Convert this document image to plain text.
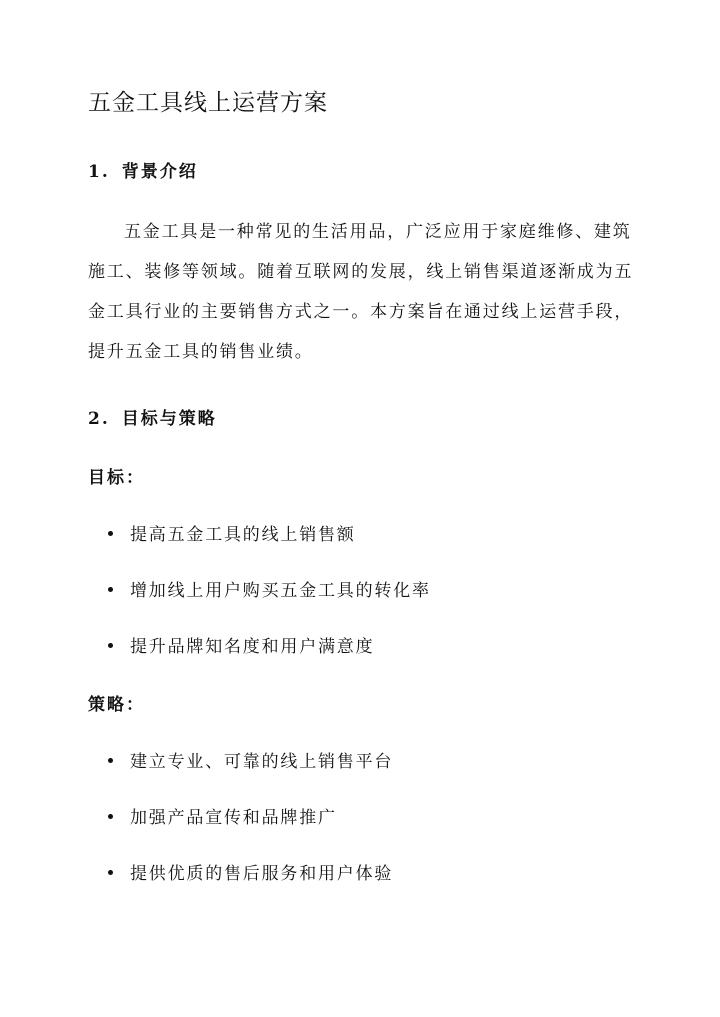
五金工具线上运营方案
1. 背景介绍
五金工具是一种常见的生活用品，广泛应用于家庭维修、建筑
施工、装修等领域。随着互联网的发展，线上销售渠道逐渐成为五
金工具行业的主要销售方式之一。本方案旨在通过线上运营手段，
提升五金工具的销售业绩。
2. 目标与策略
目标：
提高五金工具的线上销售额
增加线上用户购买五金工具的转化率
提升品牌知名度和用户满意度
策略：
建立专业、可靠的线上销售平台
加强产品宣传和品牌推广
提供优质的售后服务和用户体验
